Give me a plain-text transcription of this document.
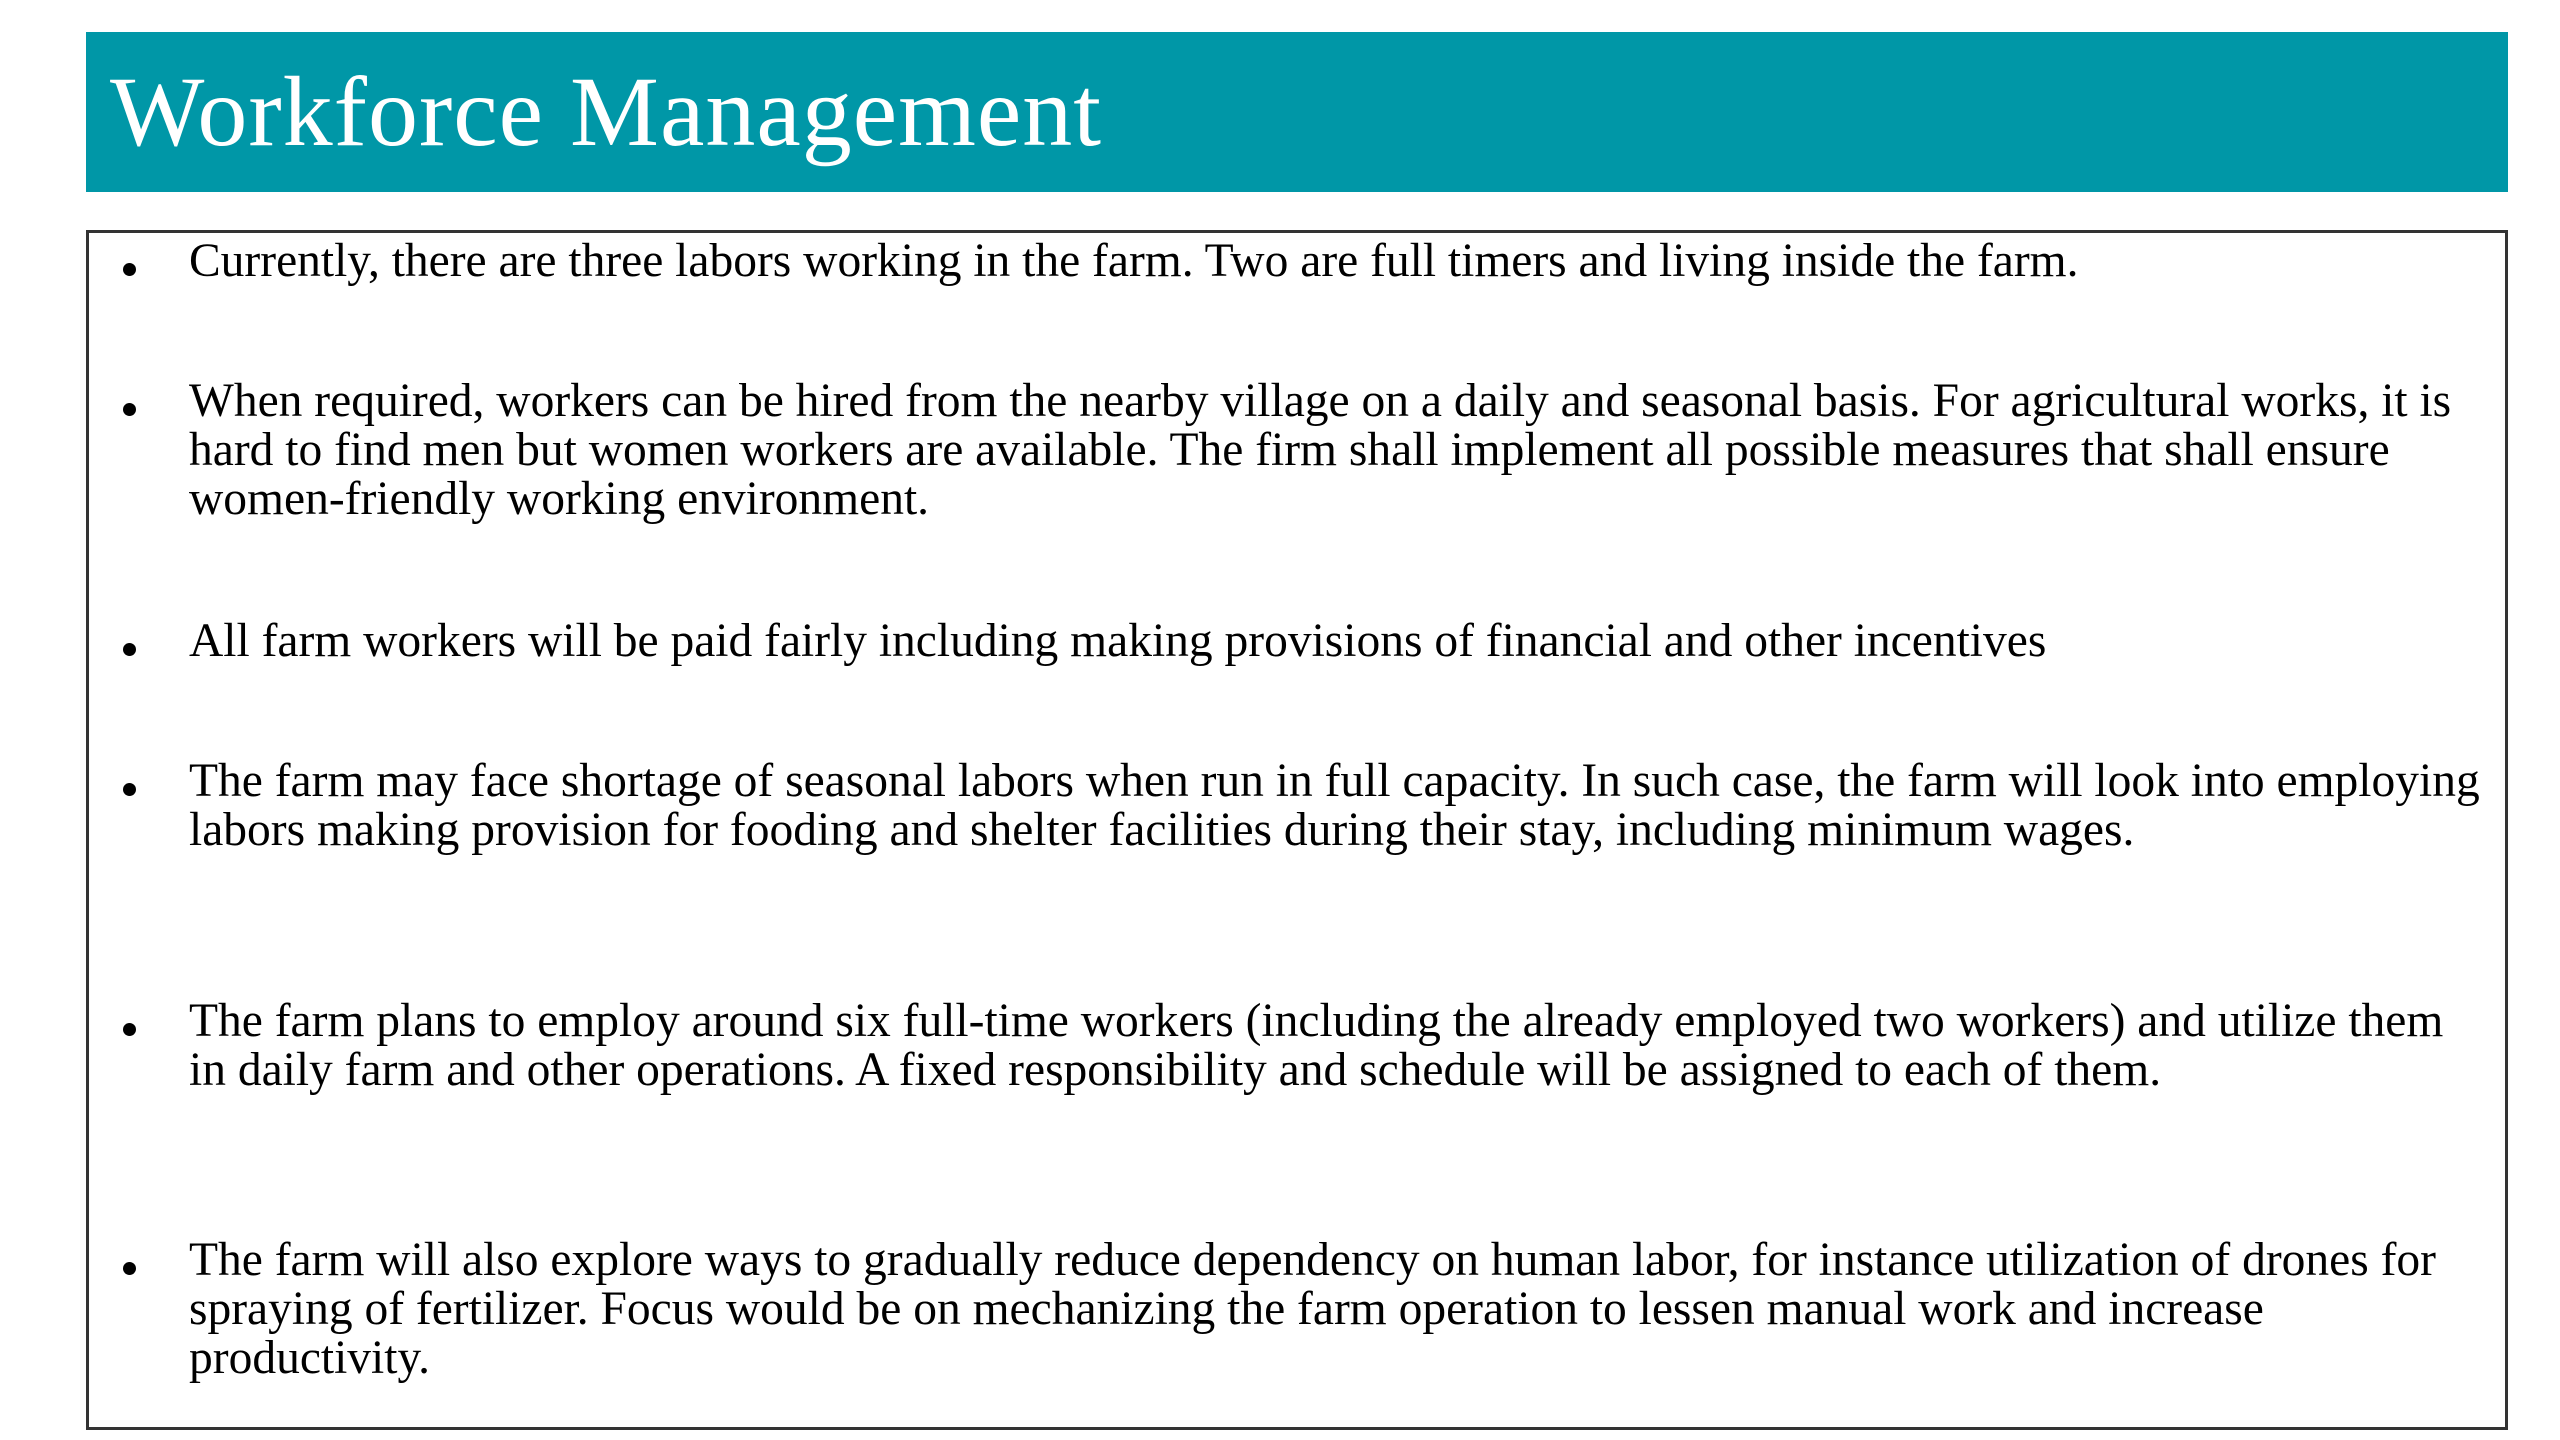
Workforce Management

Currently, there are three labors working in the farm. Two are full timers and living inside the farm.

When required, workers can be hired from the nearby village on a daily and seasonal basis. For agricultural works, it is hard to find men but women workers are available. The firm shall implement all possible measures that shall ensure women-friendly working environment.

All farm workers will be paid fairly including making provisions of financial and other incentives

The farm may face shortage of seasonal labors when run in full capacity. In such case, the farm will look into employing labors making provision for fooding and shelter facilities during their stay, including minimum wages.

The farm plans to employ around six full-time workers (including the already employed two workers) and utilize them in daily farm and other operations. A fixed responsibility and schedule will be assigned to each of them.

The farm will also explore ways to gradually reduce dependency on human labor, for instance utilization of drones for spraying of fertilizer. Focus would be on mechanizing the farm operation to lessen manual work and increase productivity.
